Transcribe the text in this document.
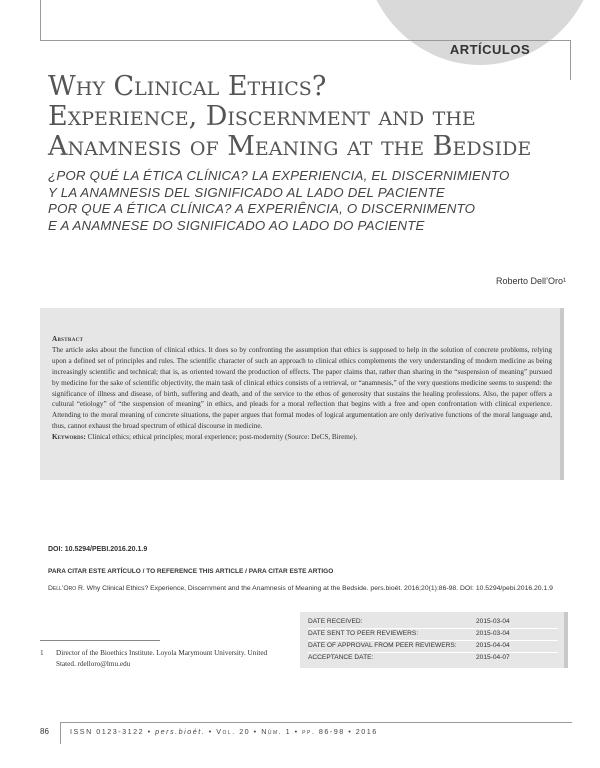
ARTÍCULOS
Why Clinical Ethics?
Experience, Discernment and the
Anamnesis of Meaning at the Bedside
¿POR QUÉ LA ÉTICA CLÍNICA? LA EXPERIENCIA, EL DISCERNIMIENTO
Y LA ANAMNESIS DEL SIGNIFICADO AL LADO DEL PACIENTE
POR QUE A ÉTICA CLÍNICA? A EXPERIÊNCIA, O DISCERNIMENTO
E A ANAMNESE DO SIGNIFICADO AO LADO DO PACIENTE
Roberto Dell’Oro¹
Abstract
The article asks about the function of clinical ethics. It does so by confronting the assumption that ethics is supposed to help in the solution of concrete problems, relying upon a defined set of principles and rules. The scientific character of such an approach to clinical ethics complements the very understanding of modern medicine as being increasingly scientific and technical; that is, as oriented toward the production of effects. The paper claims that, rather than sharing in the “suspension of meaning” pursued by medicine for the sake of scientific objectivity, the main task of clinical ethics consists of a retrieval, or “anamnesis,” of the very questions medicine seems to suspend: the significance of illness and disease, of birth, suffering and death, and of the service to the ethos of generosity that sustains the healing professions. Also, the paper offers a cultural “etiology” of “the suspension of meaning” in ethics, and pleads for a moral reflection that begins with a free and open confrontation with clinical experience. Attending to the moral meaning of concrete situations, the paper argues that formal modes of logical argumentation are only derivative functions of the moral language and, thus, cannot exhaust the broad spectrum of ethical discourse in medicine.
Keywords: Clinical ethics; ethical principles; moral experience; post-modernity (Source: DeCS, Bireme).
DOI: 10.5294/PEBI.2016.20.1.9
PARA CITAR ESTE ARTÍCULO / TO REFERENCE THIS ARTICLE / PARA CITAR ESTE ARTIGO
Dell’Oro R. Why Clinical Ethics? Experience, Discernment and the Anamnesis of Meaning at the Bedside. pers.bioét. 2016;20(1):86-98. DOI: 10.5294/pebi.2016.20.1.9
1 Director of the Bioethics Institute. Loyola Marymount University. United Stated. rdelloro@lmu.edu
DATE RECEIVED:	2015-03-04
DATE SENT TO PEER REVIEWERS:	2015-03-04
DATE OF APPROVAL FROM PEER REVIEWERS:	2015-04-04
ACCEPTANCE DATE:	2015-04-07
86	ISSN 0123-3122 • pers.bioét. • Vol. 20 • Núm. 1 • pp. 86-98 • 2016
